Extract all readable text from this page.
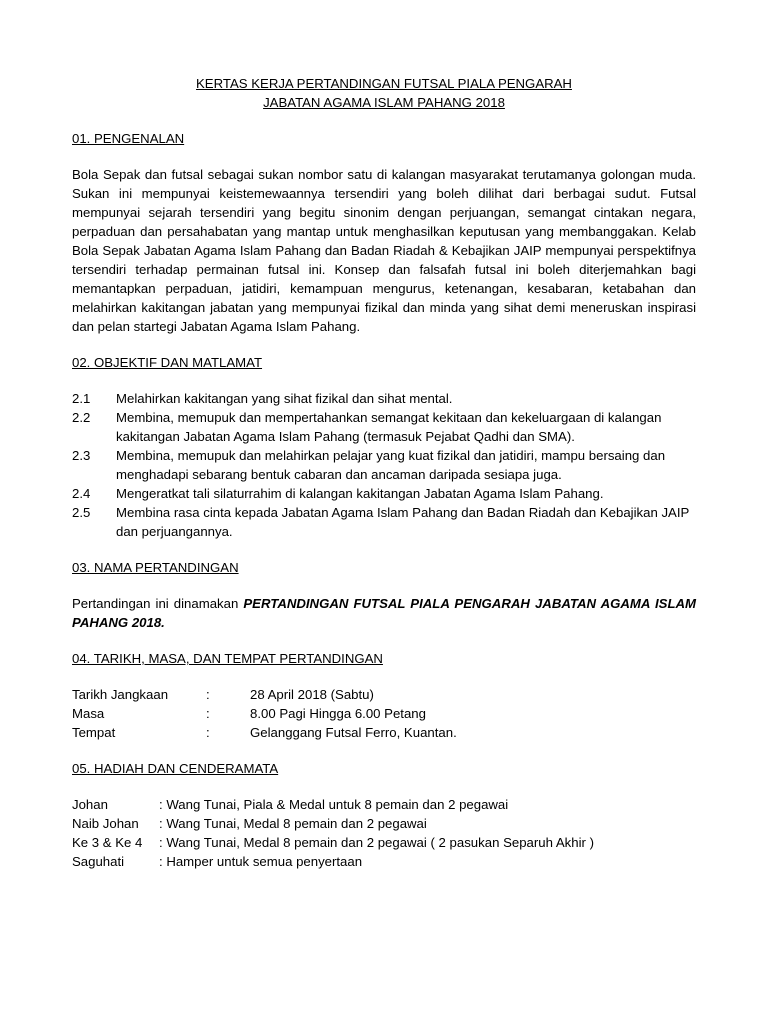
KERTAS KERJA PERTANDINGAN FUTSAL PIALA PENGARAH

JABATAN AGAMA ISLAM PAHANG 2018

01. PENGENALAN

Bola Sepak dan futsal sebagai sukan nombor satu di kalangan masyarakat terutamanya golongan muda. Sukan ini mempunyai keistemewaannya tersendiri yang boleh dilihat dari berbagai sudut. Futsal mempunyai sejarah tersendiri yang begitu sinonim dengan perjuangan, semangat cintakan negara, perpaduan dan persahabatan yang mantap untuk menghasilkan keputusan yang membanggakan. Kelab Bola Sepak Jabatan Agama Islam Pahang dan Badan Riadah & Kebajikan JAIP mempunyai perspektifnya tersendiri terhadap permainan futsal ini. Konsep dan falsafah futsal ini boleh diterjemahkan bagi memantapkan perpaduan, jatidiri, kemampuan mengurus, ketenangan, kesabaran, ketabahan dan melahirkan kakitangan jabatan yang mempunyai fizikal dan minda yang sihat demi meneruskan inspirasi dan pelan startegi Jabatan Agama Islam Pahang.

02. OBJEKTIF DAN MATLAMAT

2.1	Melahirkan kakitangan yang sihat fizikal dan sihat mental.
2.2	Membina, memupuk dan mempertahankan semangat kekitaan dan kekeluargaan di kalangan kakitangan Jabatan Agama Islam Pahang (termasuk Pejabat Qadhi dan SMA).
2.3	Membina, memupuk dan melahirkan pelajar yang kuat fizikal dan jatidiri, mampu bersaing dan menghadapi sebarang bentuk cabaran dan ancaman daripada sesiapa juga.
2.4	Mengeratkat tali silaturrahim di kalangan kakitangan Jabatan Agama Islam Pahang.
2.5	Membina rasa cinta kepada Jabatan Agama Islam Pahang dan Badan Riadah dan Kebajikan JAIP dan perjuangannya.

03. NAMA PERTANDINGAN

Pertandingan ini dinamakan PERTANDINGAN FUTSAL PIALA PENGARAH JABATAN AGAMA ISLAM PAHANG 2018.

04. TARIKH, MASA, DAN TEMPAT PERTANDINGAN

Tarikh Jangkaan	:	28 April 2018 (Sabtu)
Masa	:	8.00 Pagi Hingga 6.00 Petang
Tempat	:	Gelanggang Futsal Ferro, Kuantan.

05. HADIAH DAN CENDERAMATA

Johan	: Wang Tunai, Piala & Medal untuk 8 pemain dan 2 pegawai
Naib Johan	: Wang Tunai, Medal 8 pemain dan 2 pegawai
Ke 3 & Ke 4	: Wang Tunai, Medal 8 pemain dan 2 pegawai ( 2 pasukan Separuh Akhir )
Saguhati	: Hamper untuk semua penyertaan
